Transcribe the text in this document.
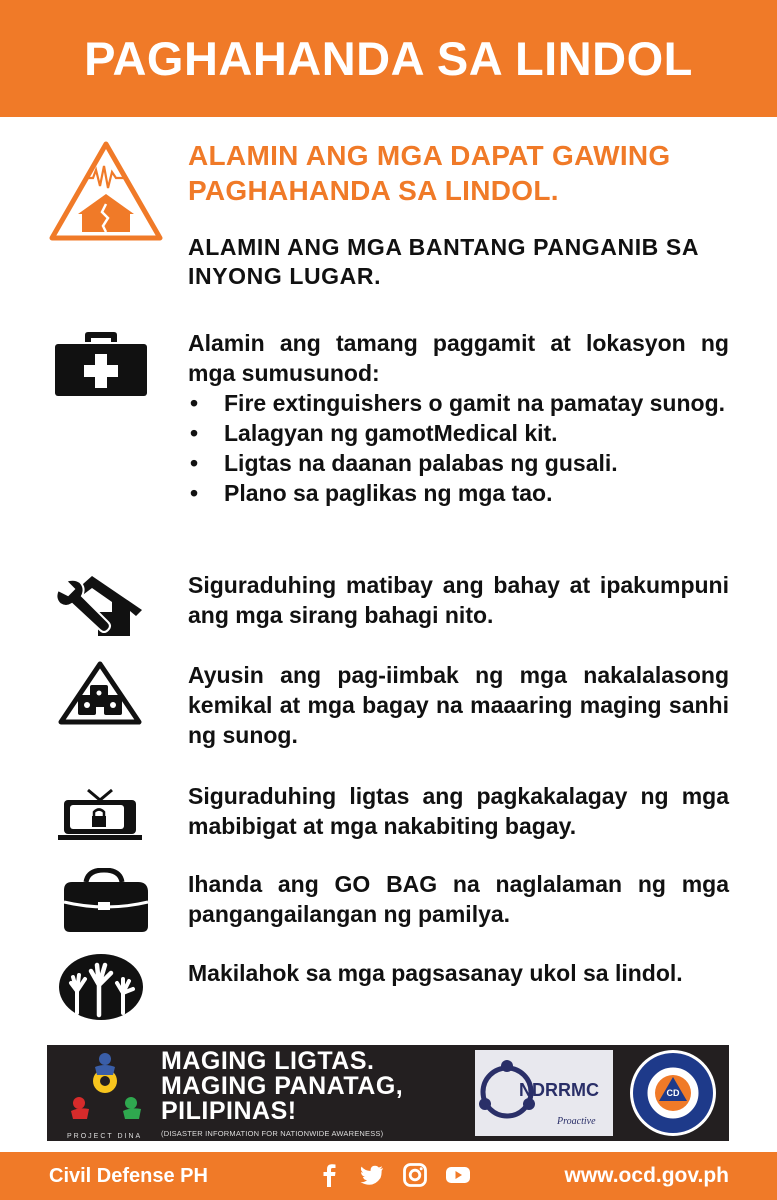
PAGHAHANDA SA LINDOL
ALAMIN ANG MGA DAPAT GAWING PAGHAHANDA SA LINDOL.

ALAMIN ANG MGA BANTANG PANGANIB SA INYONG LUGAR.

Alamin ang tamang paggamit at lokasyon ng mga sumusunod:

• Fire extinguishers o gamit na pamatay sunog.
• Lalagyan ng gamotMedical kit.
• Ligtas na daanan palabas ng gusali.
• Plano sa paglikas ng mga tao.

Siguraduhing matibay ang bahay at ipakumpuni ang mga sirang bahagi nito.

Ayusin ang pag-iimbak ng mga nakalalasong kemikal at mga bagay na maaaring maging sanhi ng sunog.

Siguraduhing ligtas ang pagkakalagay ng mga mabibigat at mga nakabiting bagay.

Ihanda ang GO BAG na naglalaman ng mga pangangailangan ng pamilya.

Makilahok sa mga pagsasanay ukol sa lindol.

PROJECT DINA
MAGING LIGTAS.
MAGING PANATAG,
PILIPINAS!
(DISASTER INFORMATION FOR NATIONWIDE AWARENESS)
NDRRMC
Proactive
CD
Civil Defense PH	www.ocd.gov.ph
